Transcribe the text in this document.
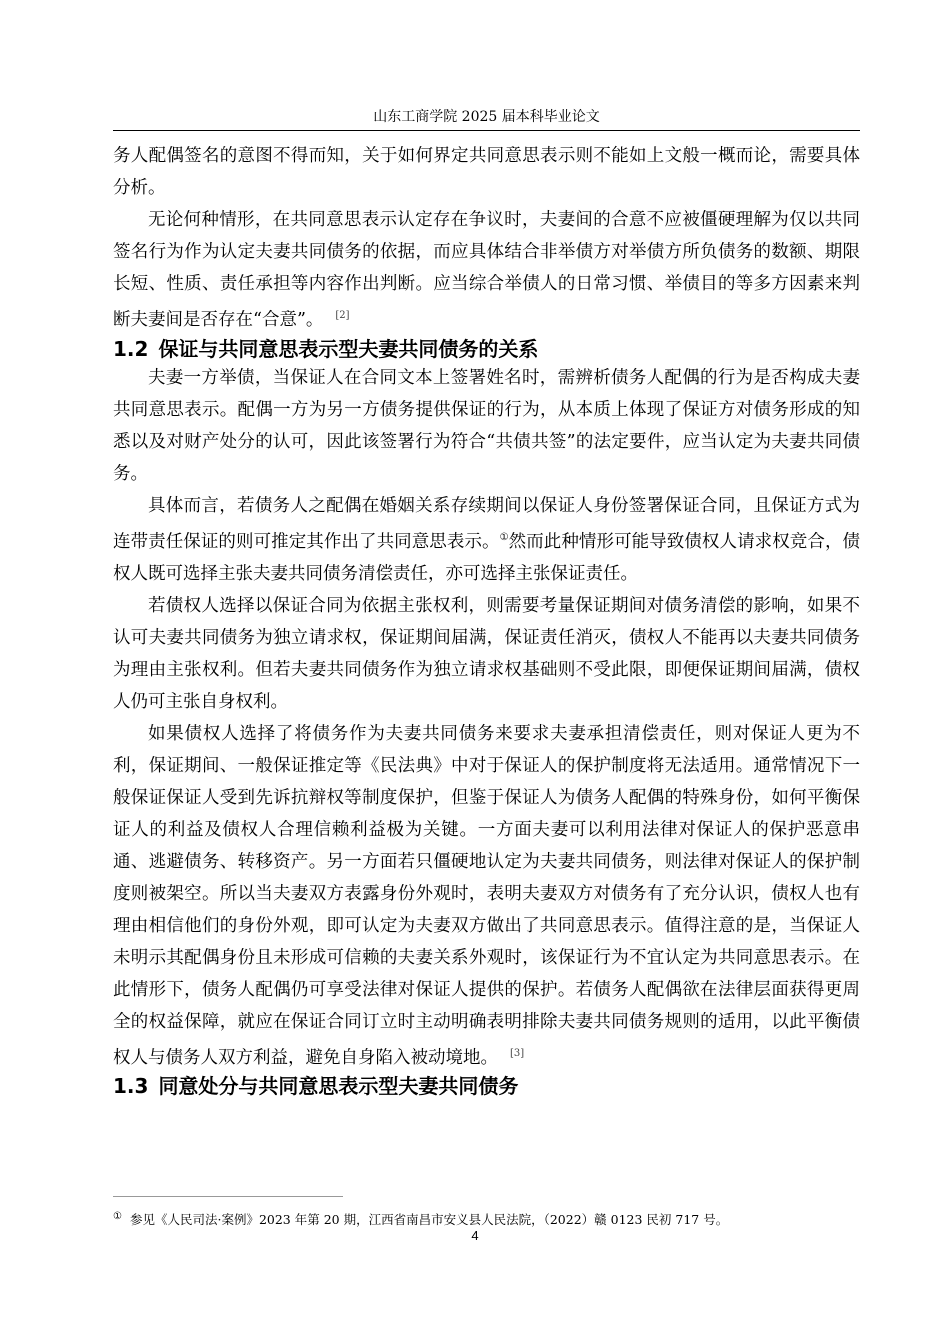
山东工商学院 2025 届本科毕业论文

务人配偶签名的意图不得而知，关于如何界定共同意思表示则不能如上文般一概而论，需要具体分析。

无论何种情形，在共同意思表示认定存在争议时，夫妻间的合意不应被僵硬理解为仅以共同签名行为作为认定夫妻共同债务的依据，而应具体结合非举债方对举债方所负债务的数额、期限长短、性质、责任承担等内容作出判断。应当综合举债人的日常习惯、举债目的等多方因素来判断夫妻间是否存在“合意”。 [2]

1.2 保证与共同意思表示型夫妻共同债务的关系

夫妻一方举债，当保证人在合同文本上签署姓名时，需辨析债务人配偶的行为是否构成夫妻共同意思表示。配偶一方为另一方债务提供保证的行为，从本质上体现了保证方对债务形成的知悉以及对财产处分的认可，因此该签署行为符合“共债共签”的法定要件，应当认定为夫妻共同债务。

具体而言，若债务人之配偶在婚姻关系存续期间以保证人身份签署保证合同，且保证方式为连带责任保证的则可推定其作出了共同意思表示。①然而此种情形可能导致债权人请求权竞合，债权人既可选择主张夫妻共同债务清偿责任，亦可选择主张保证责任。

若债权人选择以保证合同为依据主张权利，则需要考量保证期间对债务清偿的影响，如果不认可夫妻共同债务为独立请求权，保证期间届满，保证责任消灭，债权人不能再以夫妻共同债务为理由主张权利。但若夫妻共同债务作为独立请求权基础则不受此限，即便保证期间届满，债权人仍可主张自身权利。

如果债权人选择了将债务作为夫妻共同债务来要求夫妻承担清偿责任，则对保证人更为不利，保证期间、一般保证推定等《民法典》中对于保证人的保护制度将无法适用。通常情况下一般保证保证人受到先诉抗辩权等制度保护，但鉴于保证人为债务人配偶的特殊身份，如何平衡保证人的利益及债权人合理信赖利益极为关键。一方面夫妻可以利用法律对保证人的保护恶意串通、逃避债务、转移资产。另一方面若只僵硬地认定为夫妻共同债务，则法律对保证人的保护制度则被架空。所以当夫妻双方表露身份外观时，表明夫妻双方对债务有了充分认识，债权人也有理由相信他们的身份外观，即可认定为夫妻双方做出了共同意思表示。值得注意的是，当保证人未明示其配偶身份且未形成可信赖的夫妻关系外观时，该保证行为不宜认定为共同意思表示。在此情形下，债务人配偶仍可享受法律对保证人提供的保护。若债务人配偶欲在法律层面获得更周全的权益保障，就应在保证合同订立时主动明确表明排除夫妻共同债务规则的适用，以此平衡债权人与债务人双方利益，避免自身陷入被动境地。 [3]

1.3 同意处分与共同意思表示型夫妻共同债务
① 参见《人民司法·案例》2023 年第 20 期，江西省南昌市安义县人民法院，（2022）赣 0123 民初 717 号。
4
